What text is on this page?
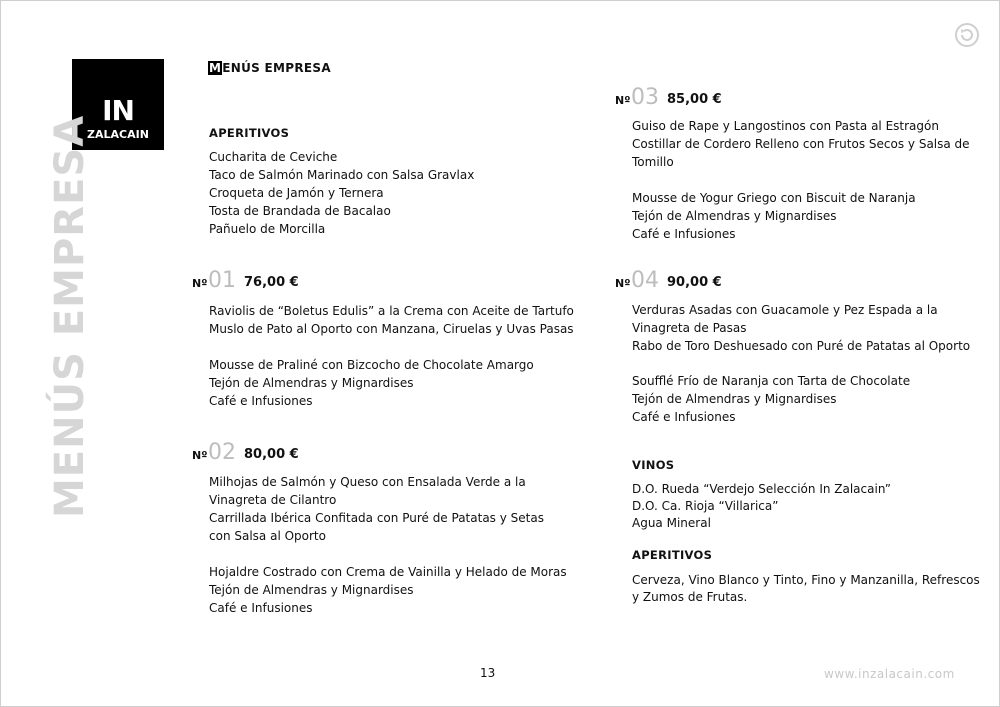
IN
ZALACAIN
MENÚS EMPRESA
MENÚS EMPRESA
APERITIVOS
Cucharita de Ceviche
Taco de Salmón Marinado con Salsa Gravlax
Croqueta de Jamón y Ternera
Tosta de Brandada de Bacalao
Pañuelo de Morcilla
Nº 01 76,00 €
Raviolis de “Boletus Edulis” a la Crema con Aceite de Tartufo
Muslo de Pato al Oporto con Manzana, Ciruelas y Uvas Pasas
Mousse de Praliné con Bizcocho de Chocolate Amargo
Tejón de Almendras y Mignardises
Café e Infusiones
Nº 02 80,00 €
Milhojas de Salmón y Queso con Ensalada Verde a la
Vinagreta de Cilantro
Carrillada Ibérica Confitada con Puré de Patatas y Setas
con Salsa al Oporto
Hojaldre Costrado con Crema de Vainilla y Helado de Moras
Tejón de Almendras y Mignardises
Café e Infusiones
Nº 03 85,00 €
Guiso de Rape y Langostinos con Pasta al Estragón
Costillar de Cordero Relleno con Frutos Secos y Salsa de
Tomillo
Mousse de Yogur Griego con Biscuit de Naranja
Tejón de Almendras y Mignardises
Café e Infusiones
Nº 04 90,00 €
Verduras Asadas con Guacamole y Pez Espada a la
Vinagreta de Pasas
Rabo de Toro Deshuesado con Puré de Patatas al Oporto
Soufflé Frío de Naranja con Tarta de Chocolate
Tejón de Almendras y Mignardises
Café e Infusiones
VINOS
D.O. Rueda “Verdejo Selección In Zalacain”
D.O. Ca. Rioja “Villarica”
Agua Mineral
APERITIVOS
Cerveza, Vino Blanco y Tinto, Fino y Manzanilla, Refrescos
y Zumos de Frutas.
13	www.inzalacain.com
